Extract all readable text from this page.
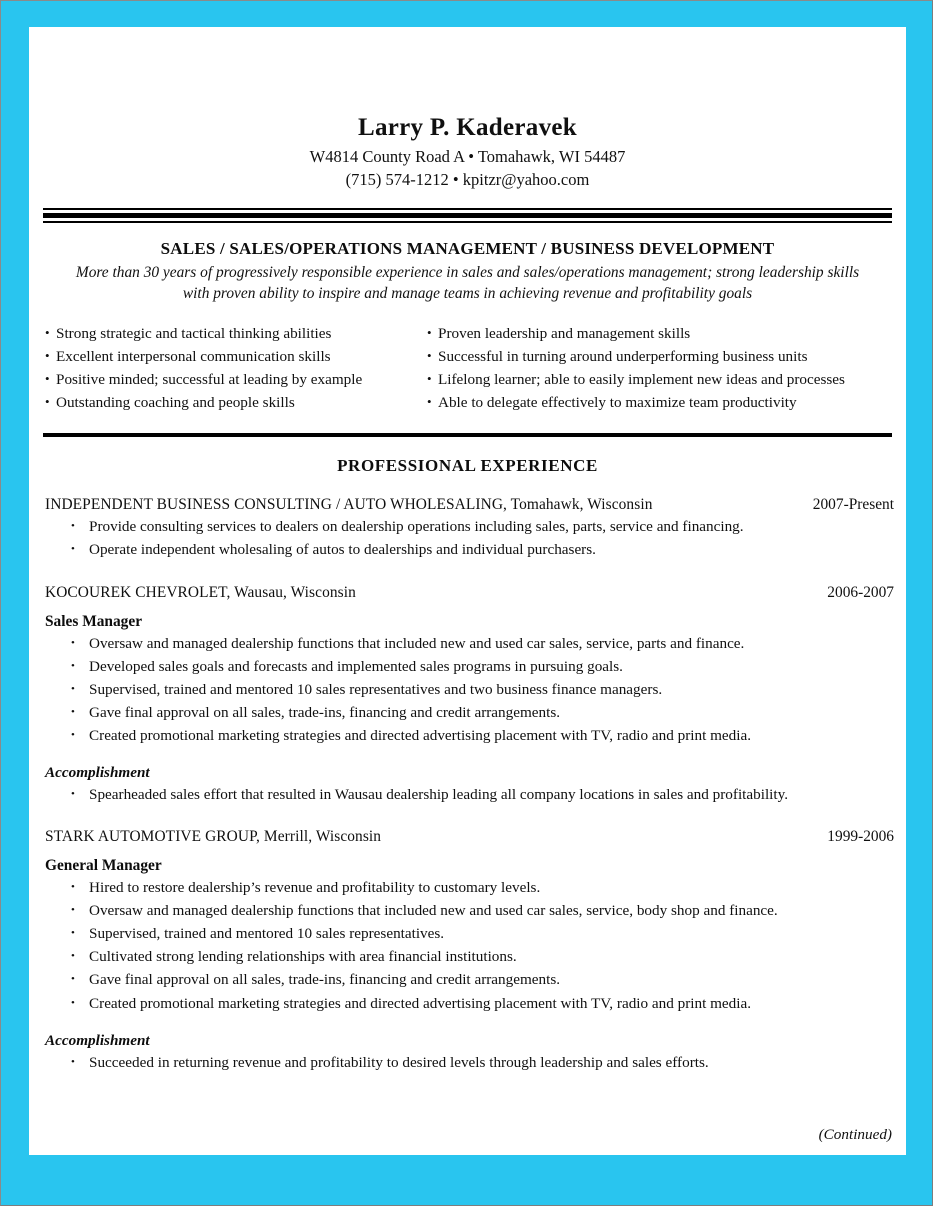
Larry P. Kaderavek
W4814 County Road A • Tomahawk, WI 54487
(715) 574-1212 • kpitzr@yahoo.com
SALES / SALES/OPERATIONS MANAGEMENT / BUSINESS DEVELOPMENT
More than 30 years of progressively responsible experience in sales and sales/operations management; strong leadership skills with proven ability to inspire and manage teams in achieving revenue and profitability goals
• Strong strategic and tactical thinking abilities
• Excellent interpersonal communication skills
• Positive minded; successful at leading by example
• Outstanding coaching and people skills
• Proven leadership and management skills
• Successful in turning around underperforming business units
• Lifelong learner; able to easily implement new ideas and processes
• Able to delegate effectively to maximize team productivity
PROFESSIONAL EXPERIENCE
INDEPENDENT BUSINESS CONSULTING / AUTO WHOLESALING, Tomahawk, Wisconsin	2007-Present
• Provide consulting services to dealers on dealership operations including sales, parts, service and financing.
• Operate independent wholesaling of autos to dealerships and individual purchasers.
KOCOUREK CHEVROLET, Wausau, Wisconsin	2006-2007
Sales Manager
• Oversaw and managed dealership functions that included new and used car sales, service, parts and finance.
• Developed sales goals and forecasts and implemented sales programs in pursuing goals.
• Supervised, trained and mentored 10 sales representatives and two business finance managers.
• Gave final approval on all sales, trade-ins, financing and credit arrangements.
• Created promotional marketing strategies and directed advertising placement with TV, radio and print media.
Accomplishment
• Spearheaded sales effort that resulted in Wausau dealership leading all company locations in sales and profitability.
STARK AUTOMOTIVE GROUP, Merrill, Wisconsin	1999-2006
General Manager
• Hired to restore dealership’s revenue and profitability to customary levels.
• Oversaw and managed dealership functions that included new and used car sales, service, body shop and finance.
• Supervised, trained and mentored 10 sales representatives.
• Cultivated strong lending relationships with area financial institutions.
• Gave final approval on all sales, trade-ins, financing and credit arrangements.
• Created promotional marketing strategies and directed advertising placement with TV, radio and print media.
Accomplishment
• Succeeded in returning revenue and profitability to desired levels through leadership and sales efforts.
(Continued)
